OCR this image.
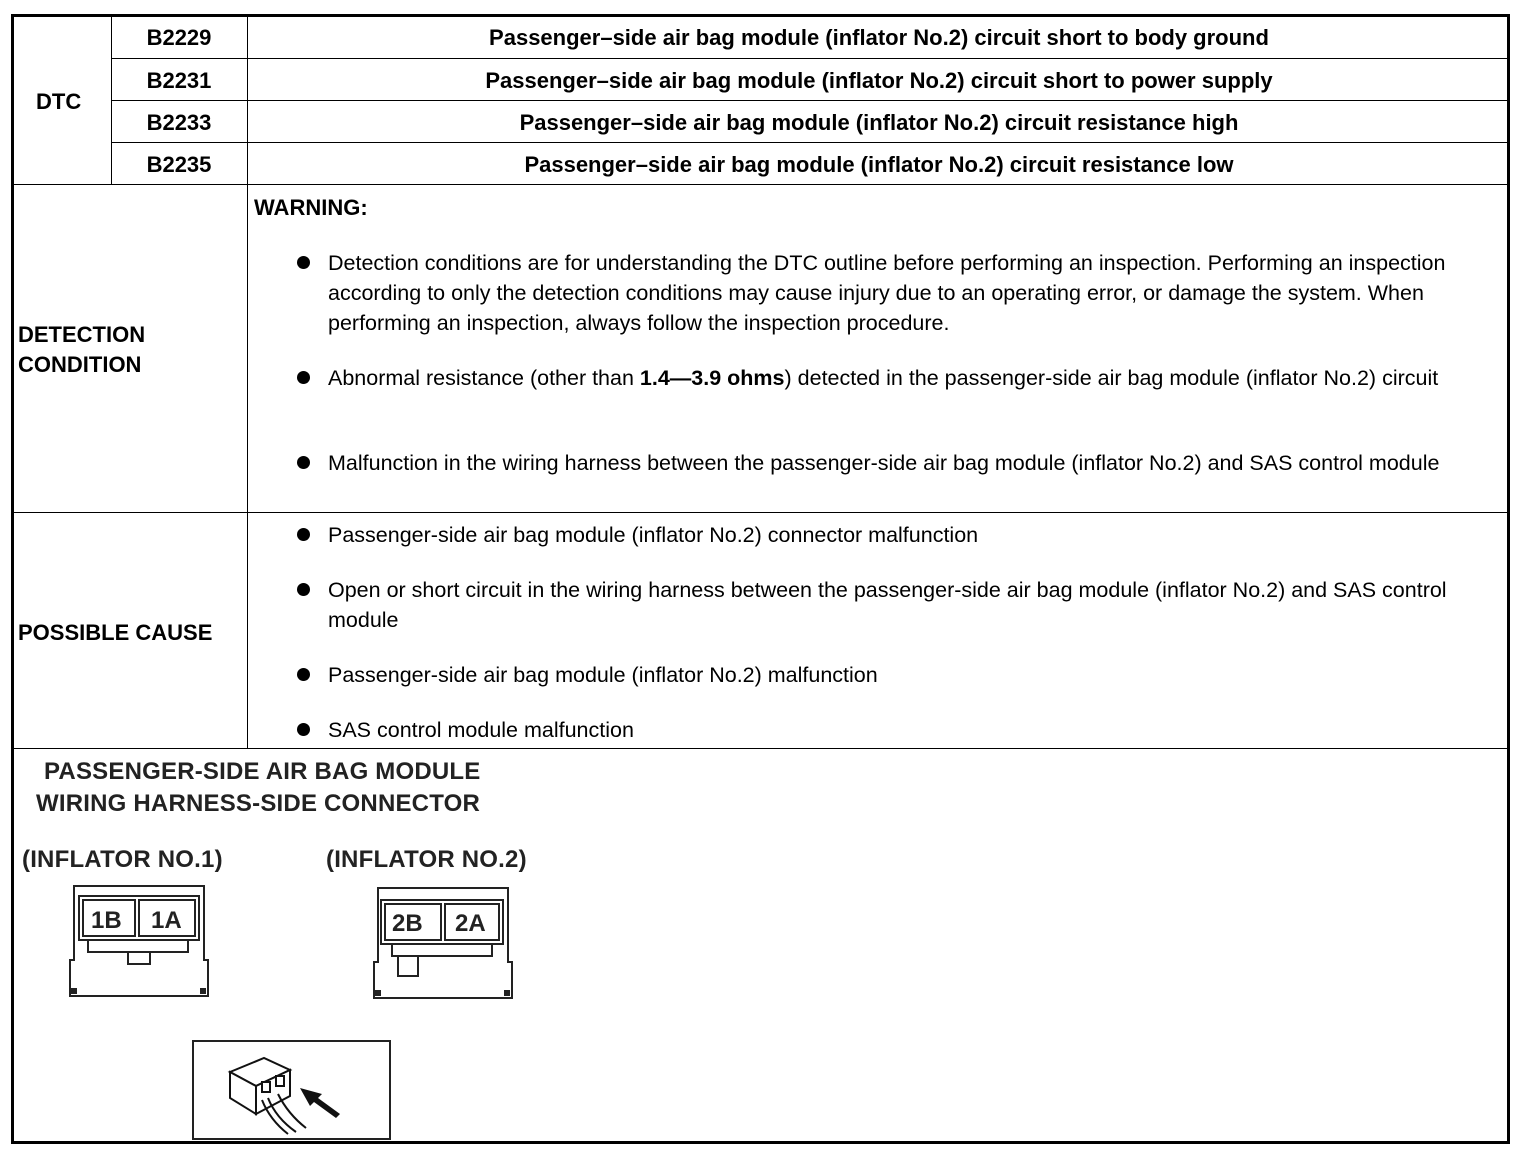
DTC
B2229	Passenger–side air bag module (inflator No.2) circuit short to body ground
B2231	Passenger–side air bag module (inflator No.2) circuit short to power supply
B2233	Passenger–side air bag module (inflator No.2) circuit resistance high
B2235	Passenger–side air bag module (inflator No.2) circuit resistance low
DETECTION
CONDITION
WARNING:
Detection conditions are for understanding the DTC outline before performing an inspection. Performing an inspection according to only the detection conditions may cause injury due to an operating error, or damage the system. When performing an inspection, always follow the inspection procedure.
Abnormal resistance (other than 1.4—3.9 ohms) detected in the passenger-side air bag module (inflator No.2) circuit
Malfunction in the wiring harness between the passenger-side air bag module (inflator No.2) and SAS control module
POSSIBLE CAUSE
Passenger-side air bag module (inflator No.2) connector malfunction
Open or short circuit in the wiring harness between the passenger-side air bag module (inflator No.2) and SAS control module
Passenger-side air bag module (inflator No.2) malfunction
SAS control module malfunction
PASSENGER-SIDE AIR BAG MODULE
WIRING HARNESS-SIDE CONNECTOR
(INFLATOR NO.1)	(INFLATOR NO.2)
1B 1A	2B 2A
